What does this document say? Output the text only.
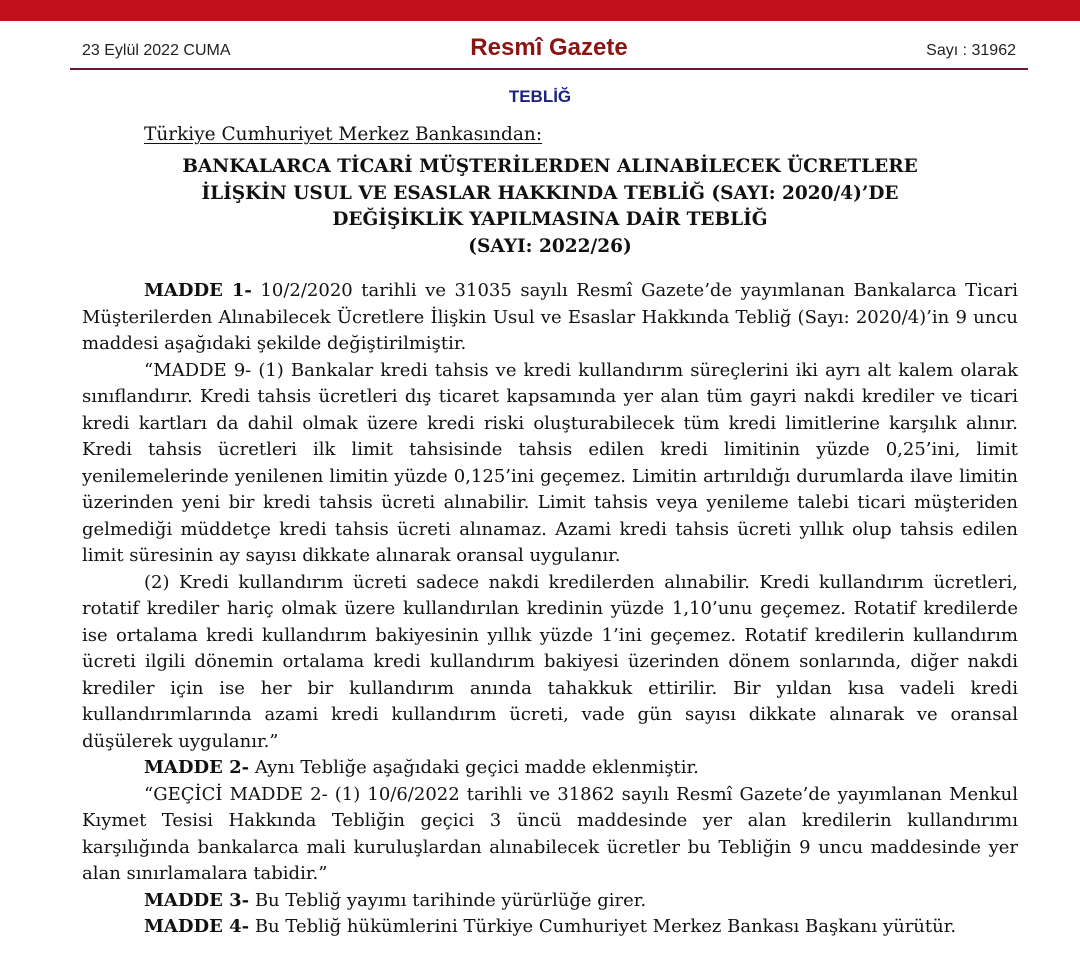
23 Eylül 2022 CUMA	Resmî Gazete	Sayı : 31962
TEBLİĞ
Türkiye Cumhuriyet Merkez Bankasından:
BANKALARCA TİCARİ MÜŞTERİLERDEN ALINABİLECEK ÜCRETLERE
İLİŞKİN USUL VE ESASLAR HAKKINDA TEBLİĞ (SAYI: 2020/4)’DE
DEĞİŞİKLİK YAPILMASINA DAİR TEBLİĞ
(SAYI: 2022/26)

MADDE 1- 10/2/2020 tarihli ve 31035 sayılı Resmî Gazete’de yayımlanan Bankalarca Ticari Müşterilerden Alınabilecek Ücretlere İlişkin Usul ve Esaslar Hakkında Tebliğ (Sayı: 2020/4)’in 9 uncu maddesi aşağıdaki şekilde değiştirilmiştir.

“MADDE 9- (1) Bankalar kredi tahsis ve kredi kullandırım süreçlerini iki ayrı alt kalem olarak sınıflandırır. Kredi tahsis ücretleri dış ticaret kapsamında yer alan tüm gayri nakdi krediler ve ticari kredi kartları da dahil olmak üzere kredi riski oluşturabilecek tüm kredi limitlerine karşılık alınır. Kredi tahsis ücretleri ilk limit tahsisinde tahsis edilen kredi limitinin yüzde 0,25’ini, limit yenilemelerinde yenilenen limitin yüzde 0,125’ini geçemez. Limitin artırıldığı durumlarda ilave limitin üzerinden yeni bir kredi tahsis ücreti alınabilir. Limit tahsis veya yenileme talebi ticari müşteriden gelmediği müddetçe kredi tahsis ücreti alınamaz. Azami kredi tahsis ücreti yıllık olup tahsis edilen limit süresinin ay sayısı dikkate alınarak oransal uygulanır.

(2) Kredi kullandırım ücreti sadece nakdi kredilerden alınabilir. Kredi kullandırım ücretleri, rotatif krediler hariç olmak üzere kullandırılan kredinin yüzde 1,10’unu geçemez. Rotatif kredilerde ise ortalama kredi kullandırım bakiyesinin yıllık yüzde 1’ini geçemez. Rotatif kredilerin kullandırım ücreti ilgili dönemin ortalama kredi kullandırım bakiyesi üzerinden dönem sonlarında, diğer nakdi krediler için ise her bir kullandırım anında tahakkuk ettirilir. Bir yıldan kısa vadeli kredi kullandırımlarında azami kredi kullandırım ücreti, vade gün sayısı dikkate alınarak ve oransal düşülerek uygulanır.”

MADDE 2- Aynı Tebliğe aşağıdaki geçici madde eklenmiştir.

“GEÇİCİ MADDE 2- (1) 10/6/2022 tarihli ve 31862 sayılı Resmî Gazete’de yayımlanan Menkul Kıymet Tesisi Hakkında Tebliğin geçici 3 üncü maddesinde yer alan kredilerin kullandırımı karşılığında bankalarca mali kuruluşlardan alınabilecek ücretler bu Tebliğin 9 uncu maddesinde yer alan sınırlamalara tabidir.”

MADDE 3- Bu Tebliğ yayımı tarihinde yürürlüğe girer.

MADDE 4- Bu Tebliğ hükümlerini Türkiye Cumhuriyet Merkez Bankası Başkanı yürütür.
